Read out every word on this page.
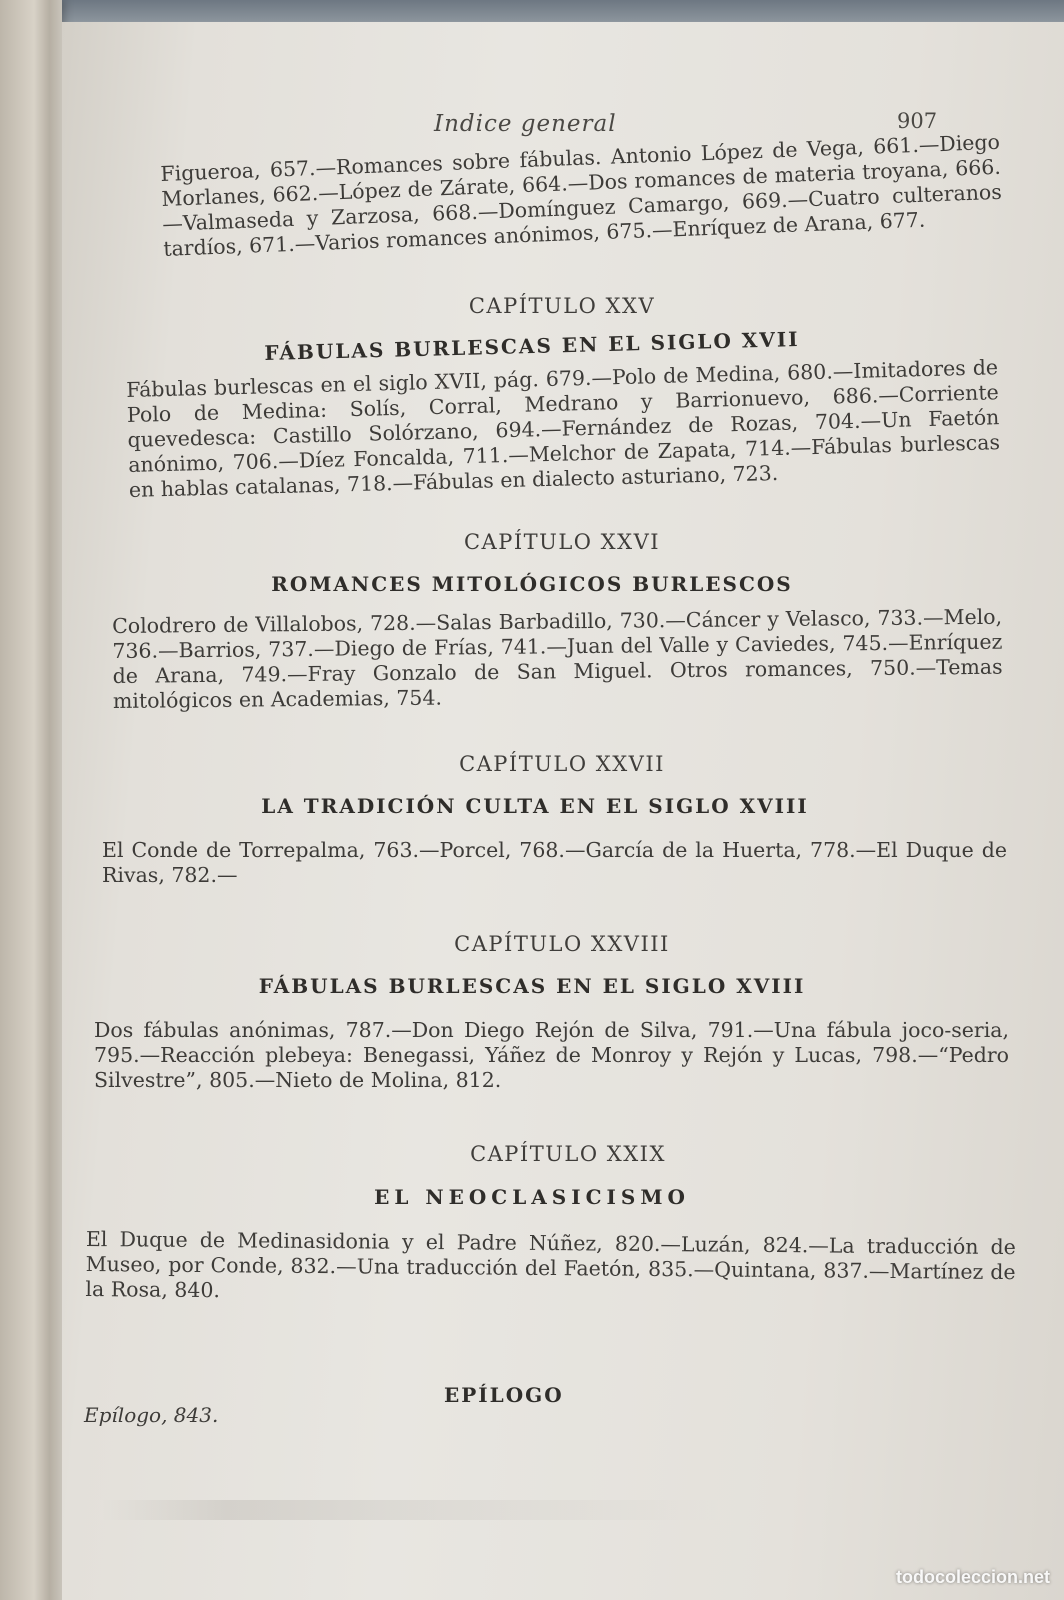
Indice general	907

Figueroa, 657.—Romances sobre fábulas. Antonio López de Vega, 661.—Diego Morlanes, 662.—López de Zárate, 664.—Dos romances de materia troyana, 666.—Valmaseda y Zarzosa, 668.—Domínguez Camargo, 669.—Cuatro culteranos tardíos, 671.—Varios romances anónimos, 675.—Enríquez de Arana, 677.

CAPÍTULO XXV
FÁBULAS BURLESCAS EN EL SIGLO XVII

Fábulas burlescas en el siglo XVII, pág. 679.—Polo de Medina, 680.—Imitadores de Polo de Medina: Solís, Corral, Medrano y Barrionuevo, 686.—Corriente quevedesca: Castillo Solórzano, 694.—Fernández de Rozas, 704.—Un Faetón anónimo, 706.—Díez Foncalda, 711.—Melchor de Zapata, 714.—Fábulas burlescas en hablas catalanas, 718.—Fábulas en dialecto asturiano, 723.

CAPÍTULO XXVI
ROMANCES MITOLÓGICOS BURLESCOS

Colodrero de Villalobos, 728.—Salas Barbadillo, 730.—Cáncer y Velasco, 733.—Melo, 736.—Barrios, 737.—Diego de Frías, 741.—Juan del Valle y Caviedes, 745.—Enríquez de Arana, 749.—Fray Gonzalo de San Miguel. Otros romances, 750.—Temas mitológicos en Academias, 754.

CAPÍTULO XXVII
LA TRADICIÓN CULTA EN EL SIGLO XVIII

El Conde de Torrepalma, 763.—Porcel, 768.—García de la Huerta, 778.—El Duque de Rivas, 782.—

CAPÍTULO XXVIII
FÁBULAS BURLESCAS EN EL SIGLO XVIII

Dos fábulas anónimas, 787.—Don Diego Rejón de Silva, 791.—Una fábula joco-seria, 795.—Reacción plebeya: Benegassi, Yáñez de Monroy y Rejón y Lucas, 798.—“Pedro Silvestre”, 805.—Nieto de Molina, 812.

CAPÍTULO XXIX
EL NEOCLASICISMO

El Duque de Medinasidonia y el Padre Núñez, 820.—Luzán, 824.—La traducción de Museo, por Conde, 832.—Una traducción del Faetón, 835.—Quintana, 837.—Martínez de la Rosa, 840.

EPÍLOGO
Epílogo, 843.
todocoleccion.net
